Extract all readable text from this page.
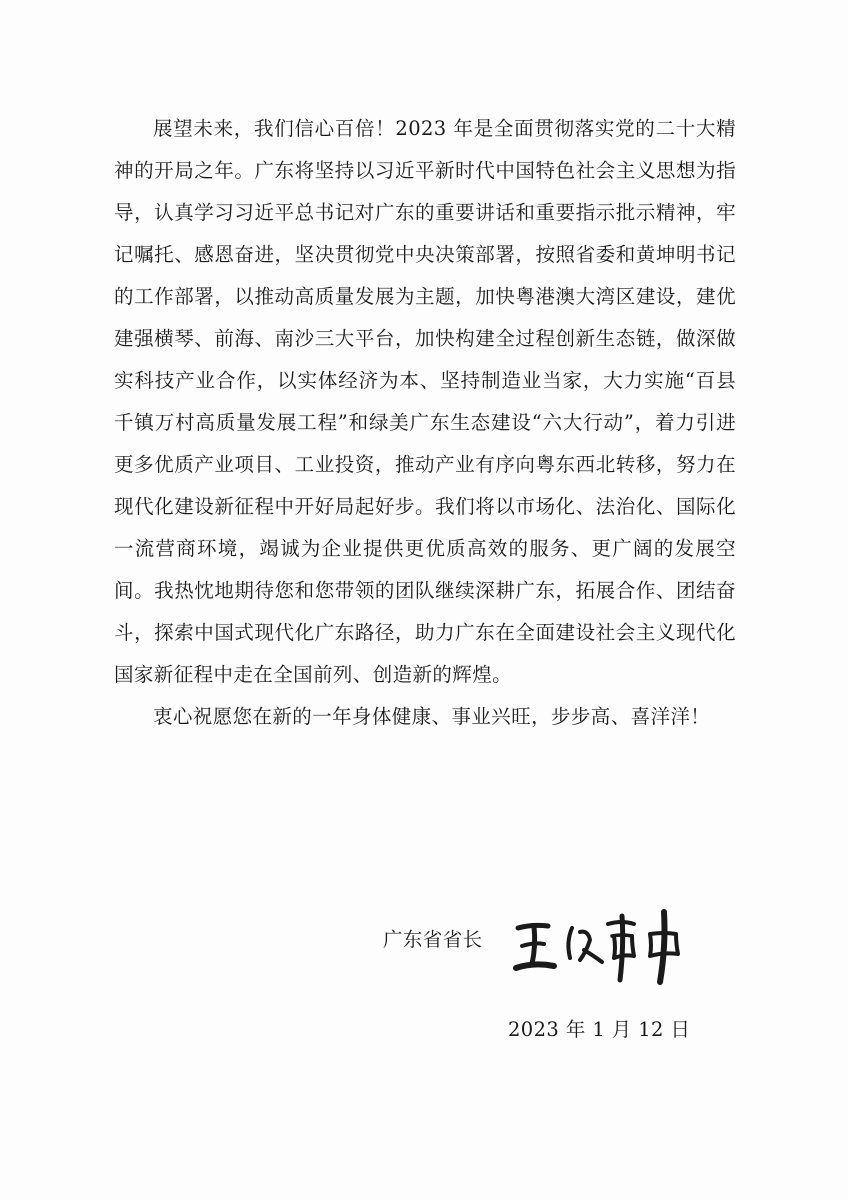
展望未来，我们信心百倍！2023 年是全面贯彻落实党的二十大精神的开局之年。广东将坚持以习近平新时代中国特色社会主义思想为指导，认真学习习近平总书记对广东的重要讲话和重要指示批示精神，牢记嘱托、感恩奋进，坚决贯彻党中央决策部署，按照省委和黄坤明书记的工作部署，以推动高质量发展为主题，加快粤港澳大湾区建设，建优建强横琴、前海、南沙三大平台，加快构建全过程创新生态链，做深做实科技产业合作，以实体经济为本、坚持制造业当家，大力实施“百县千镇万村高质量发展工程”和绿美广东生态建设“六大行动”，着力引进更多优质产业项目、工业投资，推动产业有序向粤东西北转移，努力在现代化建设新征程中开好局起好步。我们将以市场化、法治化、国际化一流营商环境，竭诚为企业提供更优质高效的服务、更广阔的发展空间。我热忱地期待您和您带领的团队继续深耕广东，拓展合作、团结奋斗，探索中国式现代化广东路径，助力广东在全面建设社会主义现代化国家新征程中走在全国前列、创造新的辉煌。

衷心祝愿您在新的一年身体健康、事业兴旺，步步高、喜洋洋！

广东省省长
2023 年 1 月 12 日
